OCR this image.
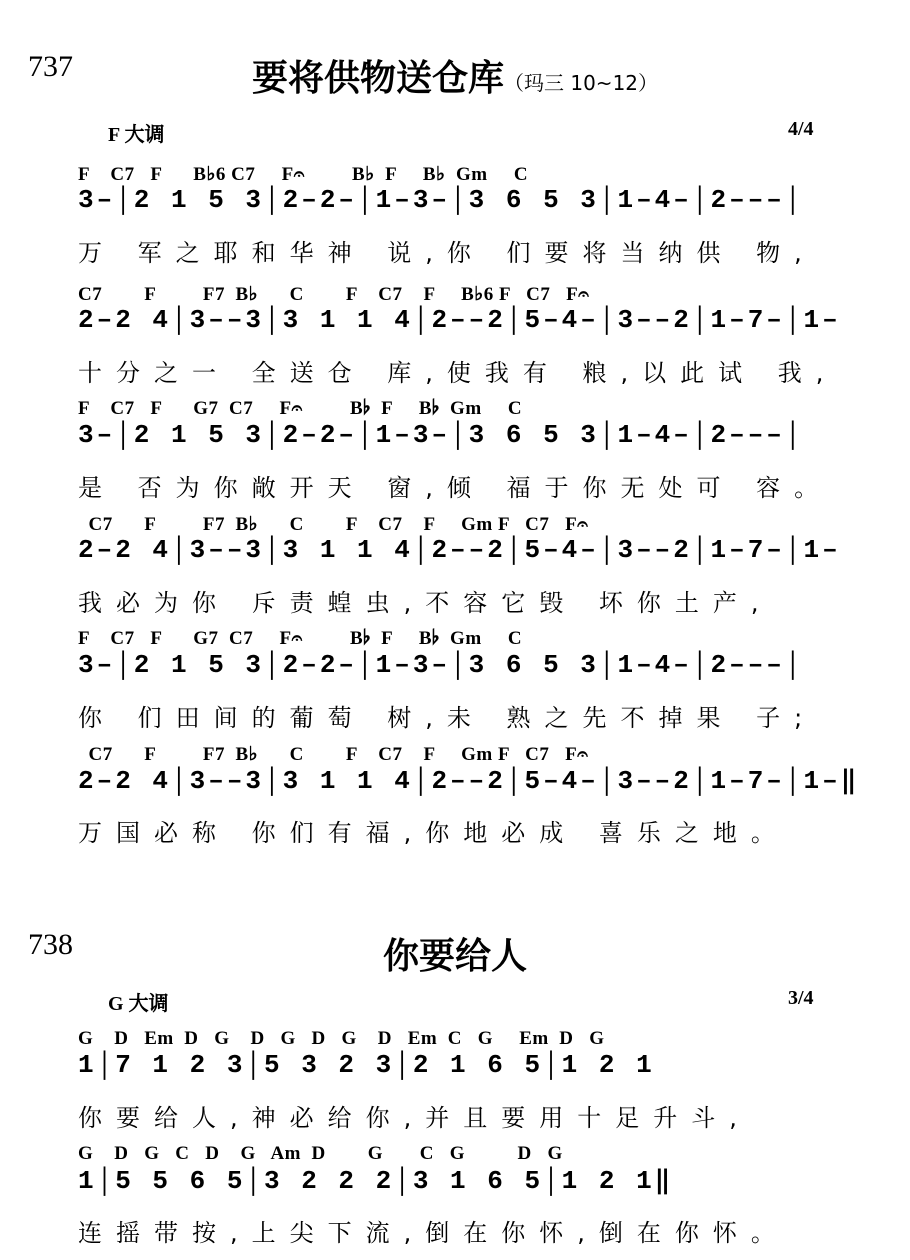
737	要将供物送仓库（玛三 10~12）
F 大调	4/4
F    C7   F      B♭6 C7     F𝄐         B♭  F     B♭  Gm     C
3–│2 1 5 3│2–2–│1–3–│3 6 5 3│1–4–│2–––│
万 军之耶和华神 说,你 们要将当纳供 物,
C7        F         F7  B♭      C        F    C7    F     B♭6 F   C7   F𝄐
2–2 4│3––3│3 1 1 4│2––2│5–4–│3––2│1–7–│1–
十分之一 全送仓 库,使我有 粮,以此试 我,
F    C7   F      G7  C7     F𝄐         B♭  F     B♭  Gm     C
3–│2 1 5 3│2–2–│1–3–│3 6 5 3│1–4–│2–––│
是 否为你敞开天 窗,倾 福于你无处可 容。
C7      F         F7  B♭      C        F    C7    F     Gm F   C7   F𝄐
2–2 4│3––3│3 1 1 4│2––2│5–4–│3––2│1–7–│1–
我必为你 斥责蝗虫,不容它毁 坏你土产,
F    C7   F      G7  C7     F𝄐         B♭  F     B♭  Gm     C
3–│2 1 5 3│2–2–│1–3–│3 6 5 3│1–4–│2–––│
你 们田间的葡萄 树,未 熟之先不掉果 子;
C7      F         F7  B♭      C        F    C7    F     Gm F   C7   F𝄐
2–2 4│3––3│3 1 1 4│2––2│5–4–│3––2│1–7–│1–‖
万国必称 你们有福,你地必成 喜乐之地。
738	你要给人
G 大调	3/4
G    D   Em  D   G    D   G   D   G    D   Em  C   G     Em  D   G
1│7 1 2 3│5 3 2 3│2 1 6 5│1 2 1
你要给人,神必给你,并且要用十足升斗,
G    D   G   C   D    G   Am  D        G       C   G          D   G
1│5 5 6 5│3 2 2 2│3 1 6 5│1 2 1‖
连摇带按,上尖下流,倒在你怀,倒在你怀。
